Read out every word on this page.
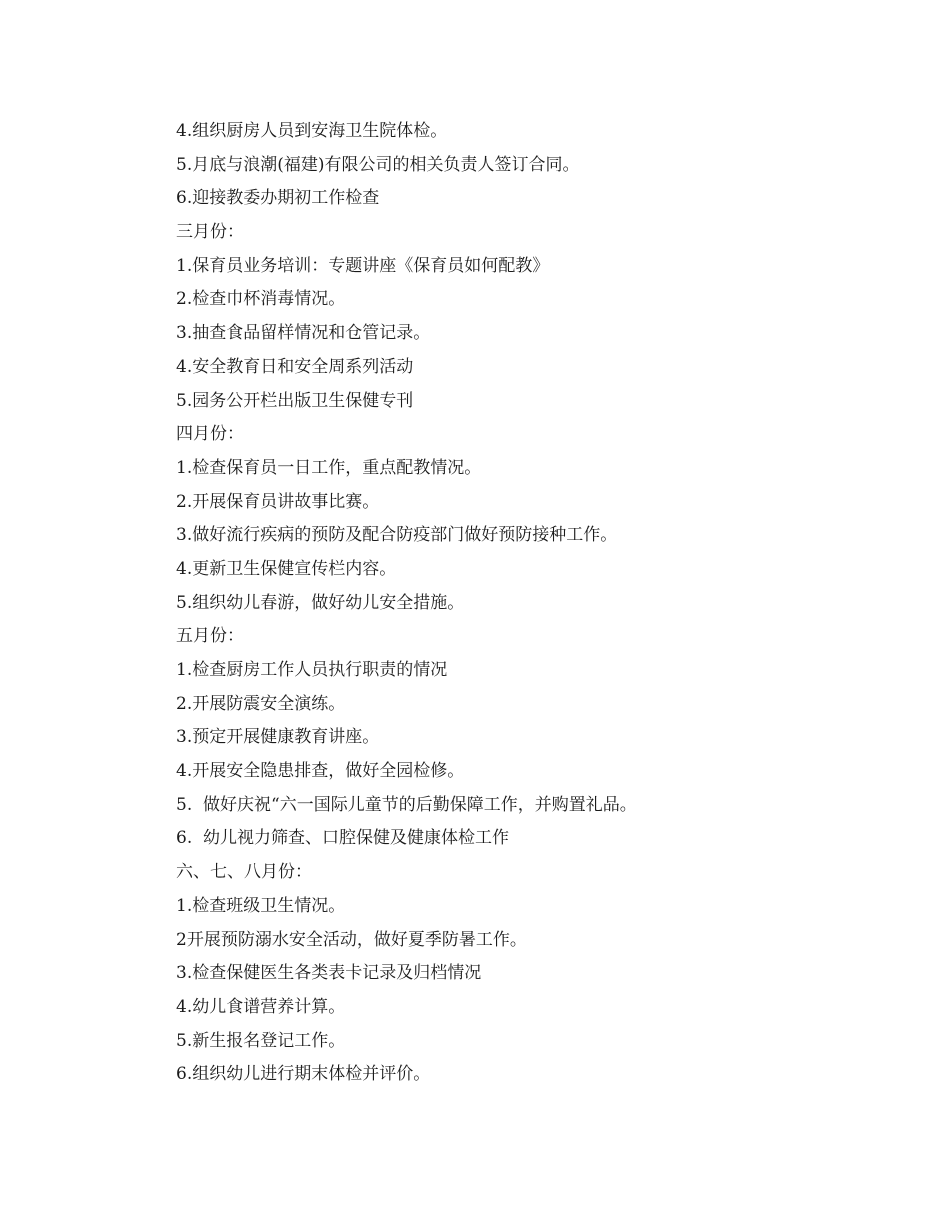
4.组织厨房人员到安海卫生院体检。
5.月底与浪潮(福建)有限公司的相关负责人签订合同。
6.迎接教委办期初工作检查
三月份：
1.保育员业务培训：专题讲座《保育员如何配教》
2.检查巾杯消毒情况。
3.抽查食品留样情况和仓管记录。
4.安全教育日和安全周系列活动
5.园务公开栏出版卫生保健专刊
四月份：
1.检查保育员一日工作，重点配教情况。
2.开展保育员讲故事比赛。
3.做好流行疾病的预防及配合防疫部门做好预防接种工作。
4.更新卫生保健宣传栏内容。
5.组织幼儿春游，做好幼儿安全措施。
五月份：
1.检查厨房工作人员执行职责的情况
2.开展防震安全演练。
3.预定开展健康教育讲座。
4.开展安全隐患排查，做好全园检修。
5.  做好庆祝“六一国际儿童节的后勤保障工作，并购置礼品。
6.  幼儿视力筛查、口腔保健及健康体检工作
六、七、八月份：
1.检查班级卫生情况。
2开展预防溺水安全活动，做好夏季防暑工作。
3.检查保健医生各类表卡记录及归档情况
4.幼儿食谱营养计算。
5.新生报名登记工作。
6.组织幼儿进行期末体检并评价。
